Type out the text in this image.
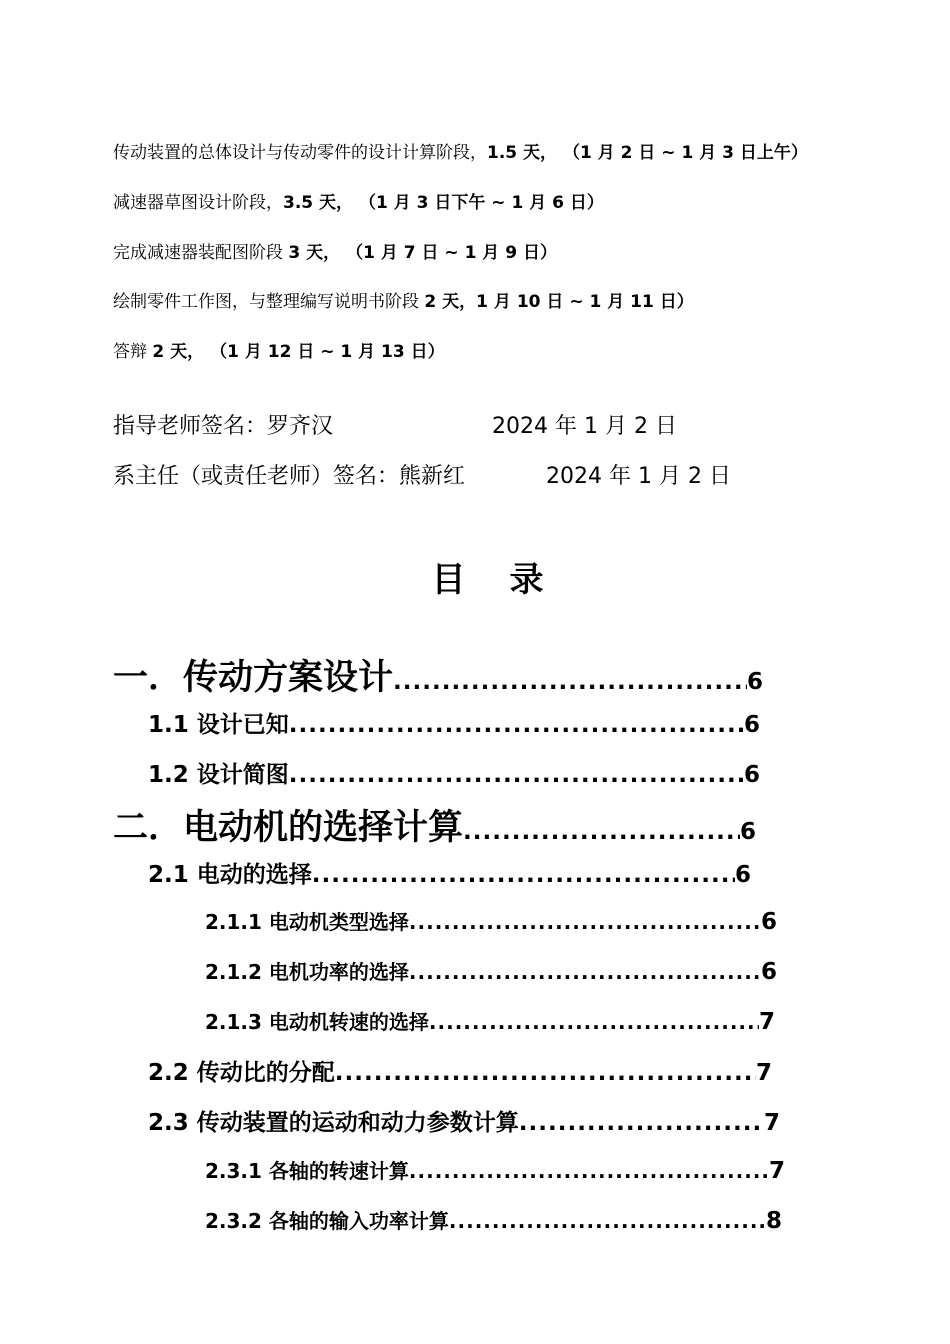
传动装置的总体设计与传动零件的设计计算阶段，1.5 天， （1 月 2 日 ~ 1 月 3 日上午）
减速器草图设计阶段，3.5 天， （1 月 3 日下午 ~ 1 月 6 日）
完成减速器装配图阶段 3 天， （1 月 7 日 ~ 1 月 9 日）
绘制零件工作图，与整理编写说明书阶段 2 天，1 月 10 日 ~ 1 月 11 日）
答辩 2 天， （1 月 12 日 ~ 1 月 13 日）
指导老师签名：罗齐汉	2024 年 1 月 2 日
系主任（或责任老师）签名：熊新红	2024 年 1 月 2 日
目 录
一．传动方案设计 .....	6
1.1 设计已知 .....	6
1.2 设计简图 .....	6
二．电动机的选择计算 .....	6
2.1 电动的选择 .....	6
2.1.1 电动机类型选择 .....	6
2.1.2 电机功率的选择 .....	6
2.1.3 电动机转速的选择 .....	7
2.2 传动比的分配 .....	7
2.3 传动装置的运动和动力参数计算 .....	7
2.3.1 各轴的转速计算 .....	7
2.3.2 各轴的输入功率计算 .....	8
